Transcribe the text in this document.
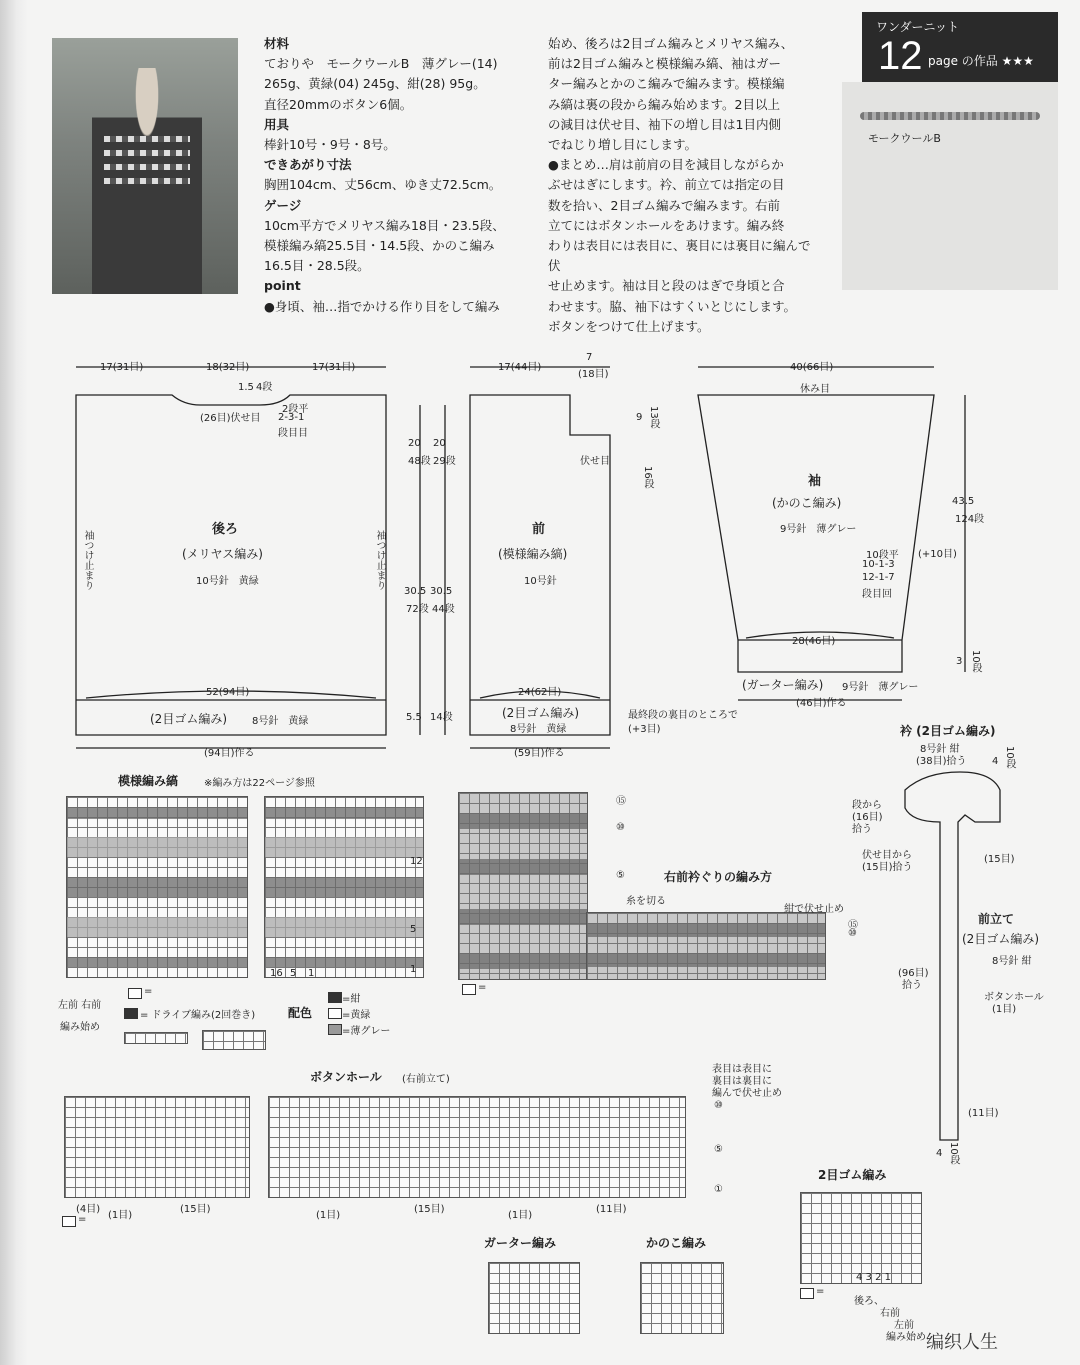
ワンダーニット
12 page の作品 ★★★
モークウールB
材料
ておりや　モークウールB　薄グレー(14)
265g、黄緑(04) 245g、紺(28) 95g。
直径20mmのボタン6個。
用具
棒針10号・9号・8号。
できあがり寸法
胸囲104cm、丈56cm、ゆき丈72.5cm。
ゲージ
10cm平方でメリヤス編み18目・23.5段、
模様編み縞25.5目・14.5段、かのこ編み
16.5目・28.5段。
point
●身頃、袖…指でかける作り目をして編み
始め、後ろは2目ゴム編みとメリヤス編み、
前は2目ゴム編みと模様編み縞、袖はガー
ター編みとかのこ編みで編みます。模様編
み縞は裏の段から編み始めます。2目以上
の減目は伏せ目、袖下の増し目は1目内側
でねじり増し目にします。
●まとめ…肩は前肩の目を減目しながらか
ぶせはぎにします。衿、前立ては指定の目
数を拾い、2目ゴム編みで編みます。右前
立てにはボタンホールをあけます。編み終
わりは表目には表目に、裏目には裏目に編んで伏
せ止めます。袖は目と段のはぎで身頃と合
わせます。脇、袖下はすくいとじにします。
ボタンをつけて仕上げます。
17(31目)	18(32目)	17(31目)
1.5 4段
(26目)伏せ目
2段平
2-3-1
段目目
後ろ
(メリヤス編み)
10号針　黄緑
袖つけ止まり	袖つけ止まり
20
48段
20
29段
30.5
72段
30.5
44段
5.5 14段
52(94目)
(2目ゴム編み)	8号針　黄緑
(94目)作る
17(44目)
7
(18目)
9 13段
16段
伏せ目
前
(模様編み縞)
10号針
24(62目)
(2目ゴム編み)
8号針　黄緑
(59目)作る
最終段の裏目のところで
(+3目)
40(66目)
休み目
袖
(かのこ編み)
9号針　薄グレー
10段平
10-1-3
12-1-7
段目回
43.5
124段
(+10目)
28(46目)
(ガーター編み) 9号針　薄グレー
(46目)作る
3 10段
衿 (2目ゴム編み)
8号針 紺
(38目)拾う	4 10段
段から
(16目)
拾う
伏せ目から
(15目)拾う
(15目)
前立て
(2目ゴム編み)
8号針 紺
(96目)
拾う
ボタンホール
(1目)
(11目)
4 10段
模様編み縞	※編み方は22ページ参照
16 5 1
12
5
1
左前 右前
編み始め
=
= ドライブ編み(2回巻き)	配色
=紺
=黄緑
=薄グレー
⑮
⑩
⑤
⑮
⑩
右前衿ぐりの編み方
糸を切る
紺で伏せ止め
=
ボタンホール (右前立て)
表目は表目に
裏目は裏目に
編んで伏せ止め
⑩
⑤
①
(4目)
(1目)
(15目)
(1目)
(15目)
(1目)
(11目)
=
ガーター編み	かのこ編み
2目ゴム編み
4 3 2 1
後ろ、
右前
左前
編み始め
=
编织人生
